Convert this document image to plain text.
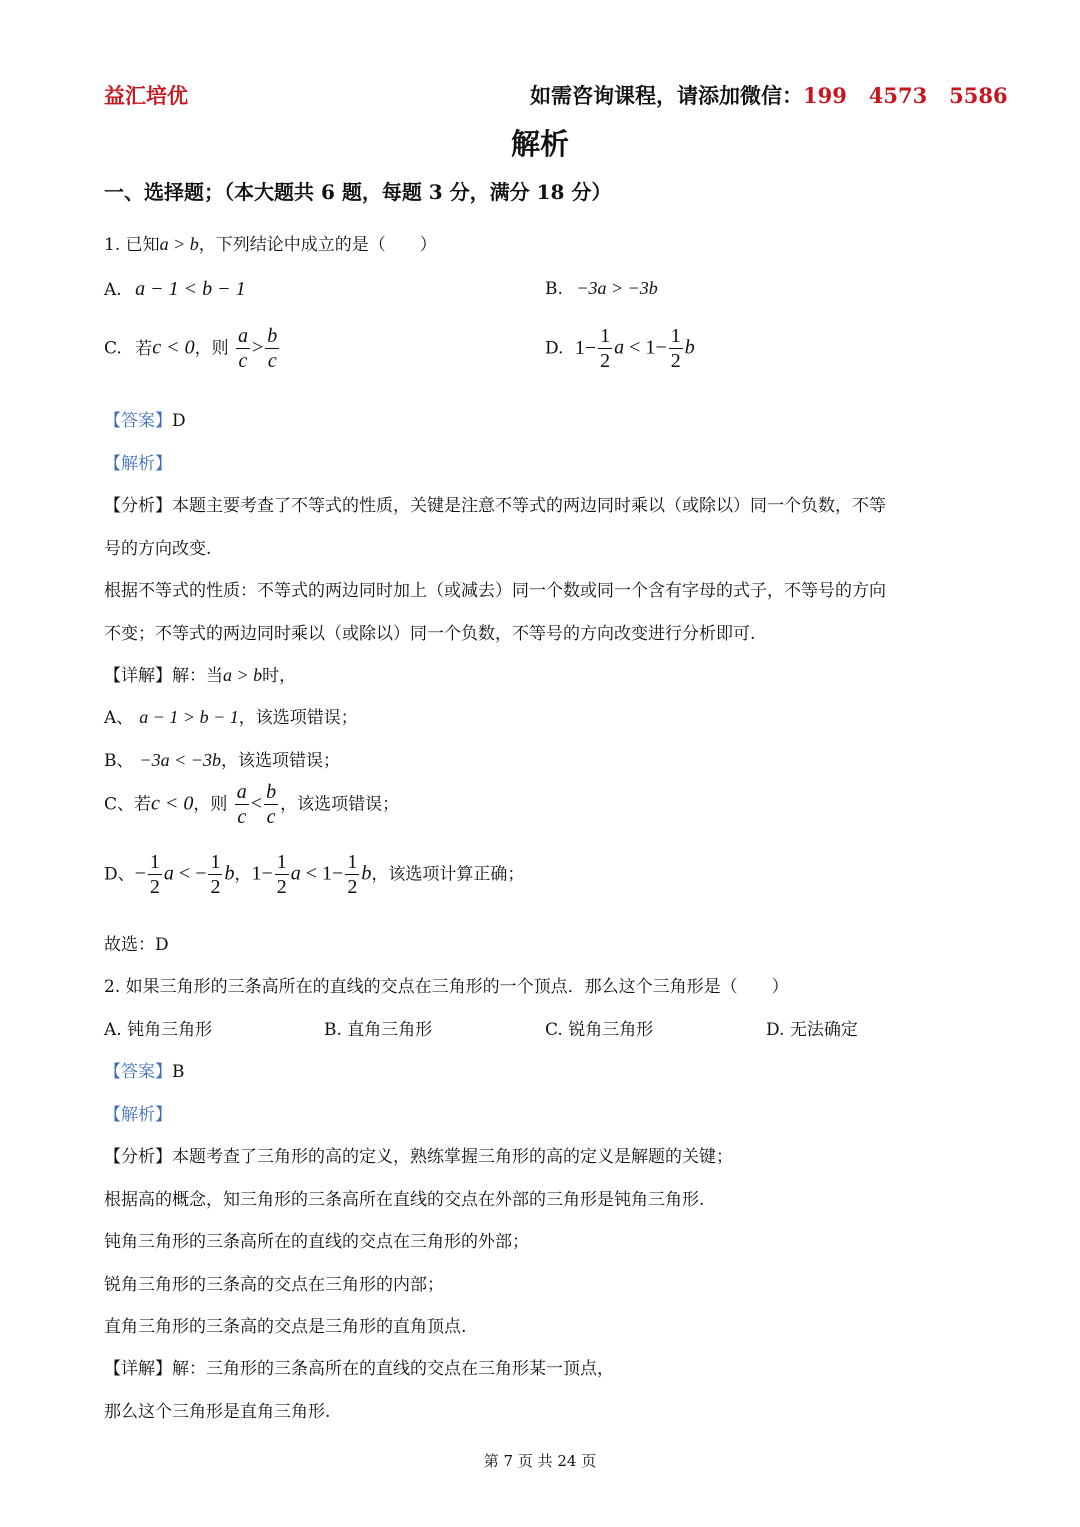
益汇培优	如需咨询课程，请添加微信：199   4573   5586
解析
一、选择题；（本大题共 6 题，每题 3 分，满分 18 分）
1. 已知a > b，下列结论中成立的是（　　）
A. a − 1 < b − 1	B. −3a > −3b
C. 若c < 0，则 $\frac{a}{c} > \frac{b}{c}$	D. $1- \frac{1}{2}$ $a < 1- \frac{1}{2}$ b
【答案】D
【解析】
【分析】本题主要考查了不等式的性质，关键是注意不等式的两边同时乘以（或除以）同一个负数，不等
号的方向改变.
根据不等式的性质：不等式的两边同时加上（或减去）同一个数或同一个含有字母的式子，不等号的方向
不变；不等式的两边同时乘以（或除以）同一个负数，不等号的方向改变进行分析即可.
【详解】解：当a > b时，
A、 a − 1 > b − 1，该选项错误；
B、 −3a < −3b，该选项错误；
C、若c < 0，则 $\frac{a}{c} < \frac{b}{c}$ ，该选项错误；
D、− $\frac{1}{2}$ a < − $\frac{1}{2}$ b，$1- \frac{1}{2}$ $a < 1- \frac{1}{2}$ b，该选项计算正确；
故选：D
2. 如果三角形的三条高所在的直线的交点在三角形的一个顶点．那么这个三角形是（　　）
A. 钝角三角形	B. 直角三角形	C. 锐角三角形	D. 无法确定
【答案】B
【解析】
【分析】本题考查了三角形的高的定义，熟练掌握三角形的高的定义是解题的关键；
根据高的概念，知三角形的三条高所在直线的交点在外部的三角形是钝角三角形.
钝角三角形的三条高所在的直线的交点在三角形的外部；
锐角三角形的三条高的交点在三角形的内部；
直角三角形的三条高的交点是三角形的直角顶点.
【详解】解：三角形的三条高所在的直线的交点在三角形某一顶点，
那么这个三角形是直角三角形.
第 7 页 共 24 页
